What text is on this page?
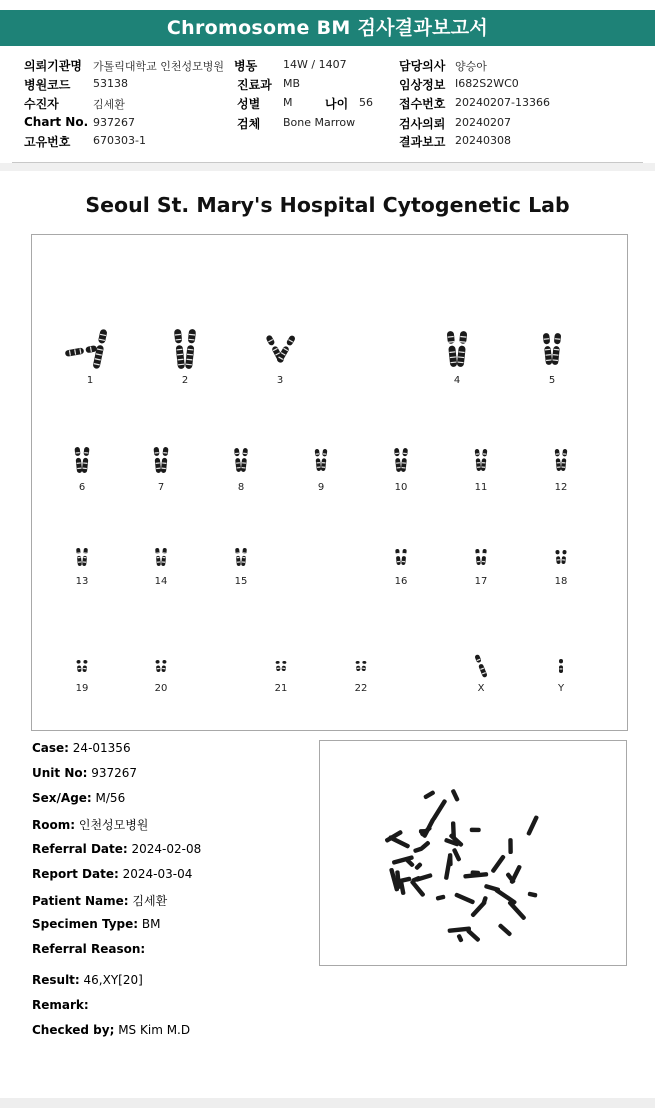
Chromosome BM 검사결과보고서
의뢰기관명 가톨릭대학교 인천성모병원
병원코드 53138
수진자	김세환
Chart No. 937267
고유번호 670303-1
병동 14W / 1407
진료과 MB
성별 M
검체 Bone Marrow
나이 56
담당의사 양승아
임상정보 I682S2WC0
접수번호 20240207-13366
검사의뢰 20240207
결과보고 20240308
Seoul St. Mary's Hospital Cytogenetic Lab
1	2	3	4	5
6	7	8	9	10	11	12
13	14	15	16	17	18
19	20	21	22	X	Y
Case: 24-01356
Unit No: 937267
Sex/Age: M/56
Room: 인천성모병원
Referral Date: 2024-02-08
Report Date: 2024-03-04
Patient Name: 김세환
Specimen Type: BM
Referral Reason:
Result: 46,XY[20]
Remark:
Checked by; MS Kim M.D
